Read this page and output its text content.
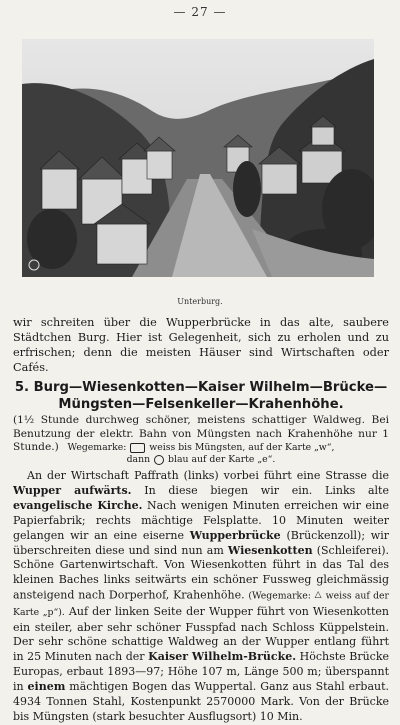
— 27 —
Unterburg.

wir schreiten über die Wupperbrücke in das alte, saubere Städtchen Burg. Hier ist Gelegenheit, sich zu erholen und zu erfrischen; denn die meisten Häuser sind Wirtschaften oder Cafés.

5. Burg—Wiesenkotten—Kaiser Wilhelm—Brücke—
Müngsten—Felsenkeller—Krahenhöhe.

(1½ Stunde durchweg schöner, meistens schattiger Waldweg. Bei Benutzung der elektr. Bahn von Müngsten nach Krahenhöhe nur 1 Stunde.) Wegemarke: weiss bis Müngsten, auf der Karte „w“,
dann ○ blau auf der Karte „e“.

An der Wirtschaft Paffrath (links) vorbei führt eine Strasse die Wupper aufwärts. In diese biegen wir ein. Links alte evangelische Kirche. Nach wenigen Minuten erreichen wir eine Papierfabrik; rechts mächtige Felsplatte. 10 Minuten weiter gelangen wir an eine eiserne Wupperbrücke (Brückenzoll); wir überschreiten diese und sind nun am Wiesenkotten (Schleiferei). Schöne Gartenwirtschaft. Von Wiesenkotten führt in das Tal des kleinen Baches links seitwärts ein schöner Fussweg gleichmässig ansteigend nach Dorperhof, Krahenhöhe. (Wegemarke: △ weiss auf der Karte „p“). Auf der linken Seite der Wupper führt von Wiesenkotten ein steiler, aber sehr schöner Fusspfad nach Schloss Küppelstein. Der sehr schöne schattige Waldweg an der Wupper entlang führt in 25 Minuten nach der Kaiser Wilhelm-Brücke. Höchste Brücke Europas, erbaut 1893—97; Höhe 107 m, Länge 500 m; überspannt in einem mächtigen Bogen das Wuppertal. Ganz aus Stahl erbaut. 4934 Tonnen Stahl, Kostenpunkt 2570000 Mark. Von der Brücke bis Müngsten (stark besuchter Ausflugsort) 10 Min.
